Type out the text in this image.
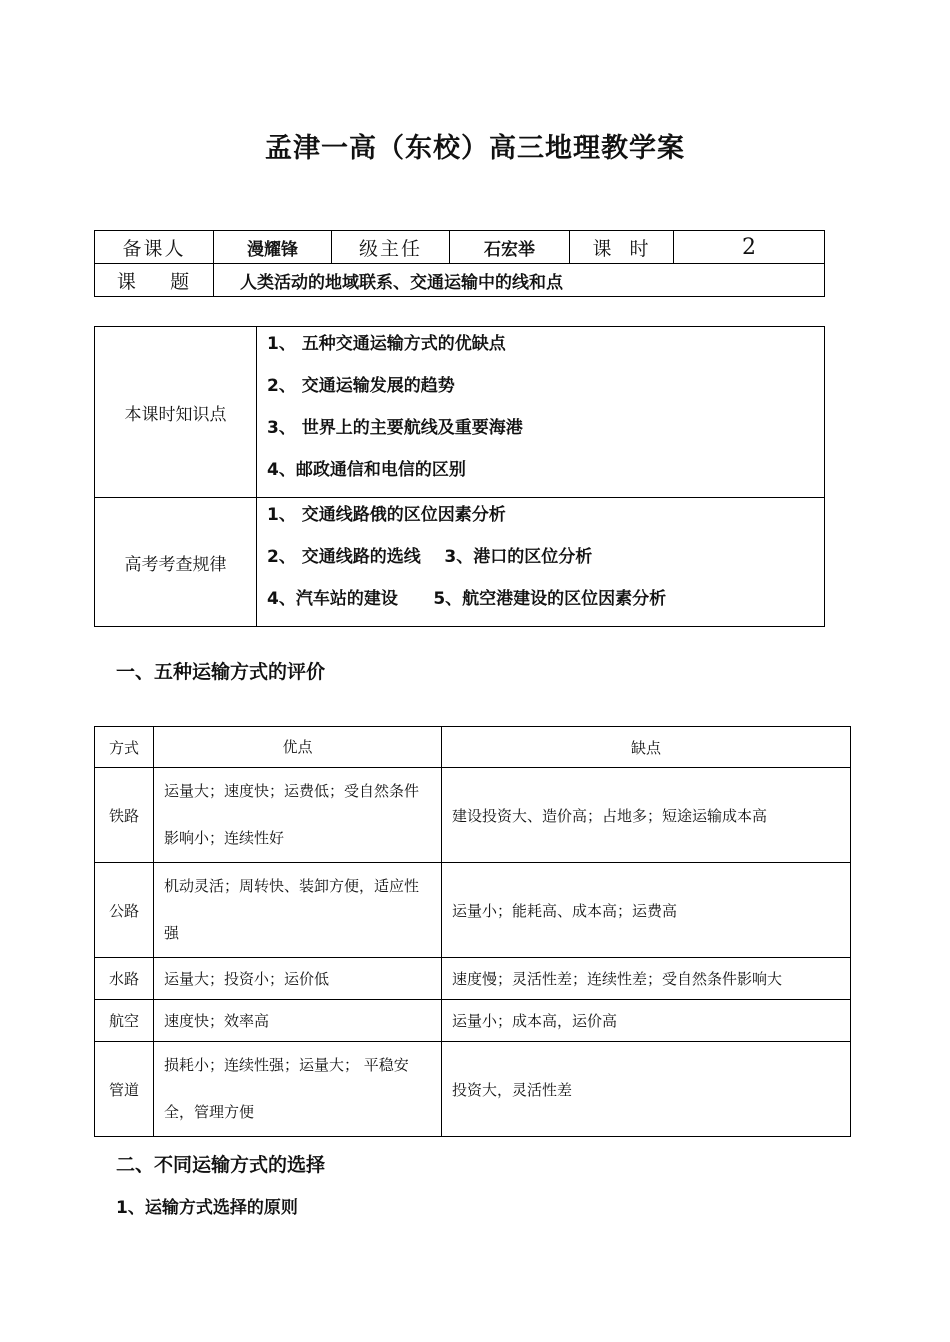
孟津一高（东校）高三地理教学案
备课人	漫耀锋	级主任	石宏举	课  时	2
课    题	人类活动的地域联系、交通运输中的线和点				
本课时知识点	1、 五种交通运输方式的优缺点
2、 交通运输发展的趋势
3、 世界上的主要航线及重要海港
4、邮政通信和电信的区别

高考考查规律	1、 交通线路俄的区位因素分析
2、 交通线路的选线    3、港口的区位分析
4、汽车站的建设      5、航空港建设的区位因素分析
一、五种运输方式的评价
方式	优点	缺点
铁路	运量大；速度快；运费低；受自然条件影响小；连续性好	建设投资大、造价高；占地多；短途运输成本高
公路	机动灵活；周转快、装卸方便，适应性强	运量小；能耗高、成本高；运费高
水路	运量大；投资小；运价低	速度慢；灵活性差；连续性差；受自然条件影响大
航空	速度快；效率高	运量小；成本高，运价高
管道	损耗小；连续性强；运量大； 平稳安全，管理方便	投资大，灵活性差
二、不同运输方式的选择
1、运输方式选择的原则
